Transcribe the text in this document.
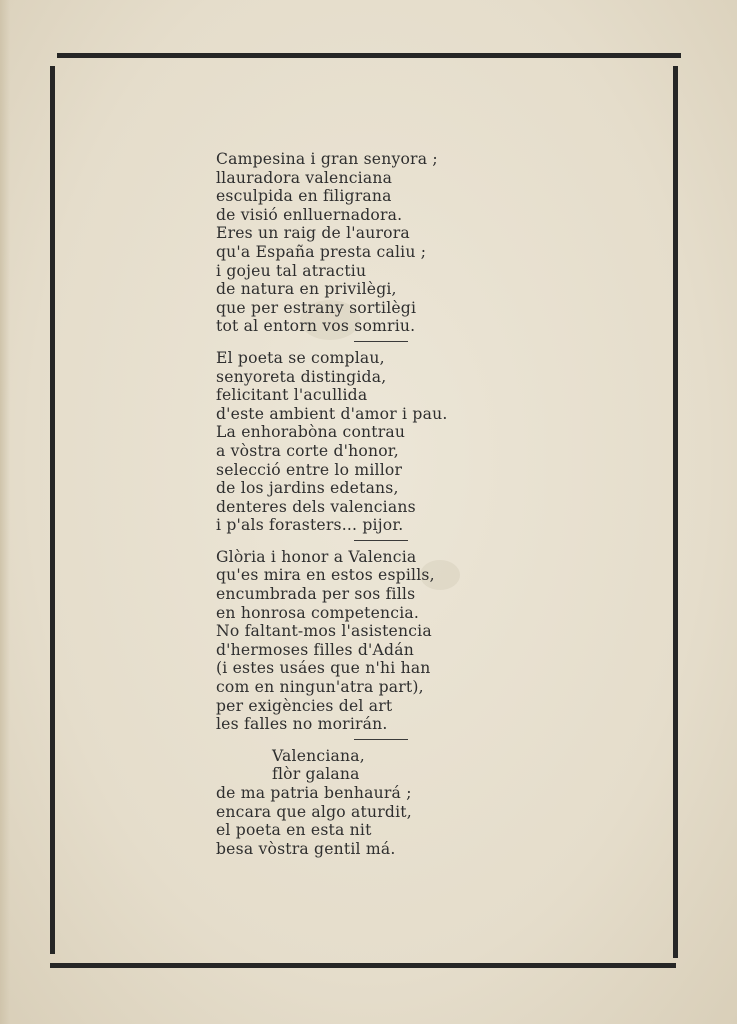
Campesina i gran senyora ;
llauradora valenciana
esculpida en filigrana
de visió enlluernadora.
Eres un raig de l'aurora
qu'a España presta caliu ;
i gojeu tal atractiu
de natura en privilègi,
que per estrany sortilègi
tot al entorn vos somriu.
El poeta se complau,
senyoreta distingida,
felicitant l'acullida
d'este ambient d'amor i pau.
La enhorabòna contrau
a vòstra corte d'honor,
selecció entre lo millor
de los jardins edetans,
denteres dels valencians
i p'als forasters... pijor.
Glòria i honor a Valencia
qu'es mira en estos espills,
encumbrada per sos fills
en honrosa competencia.
No faltant-mos l'asistencia
d'hermoses filles d'Adán
(i estes usáes que n'hi han
com en ningun'atra part),
per exigències del art
les falles no morirán.
Valenciana,
flòr galana
de ma patria benhaurá ;
encara que algo aturdit,
el poeta en esta nit
besa vòstra gentil má.
